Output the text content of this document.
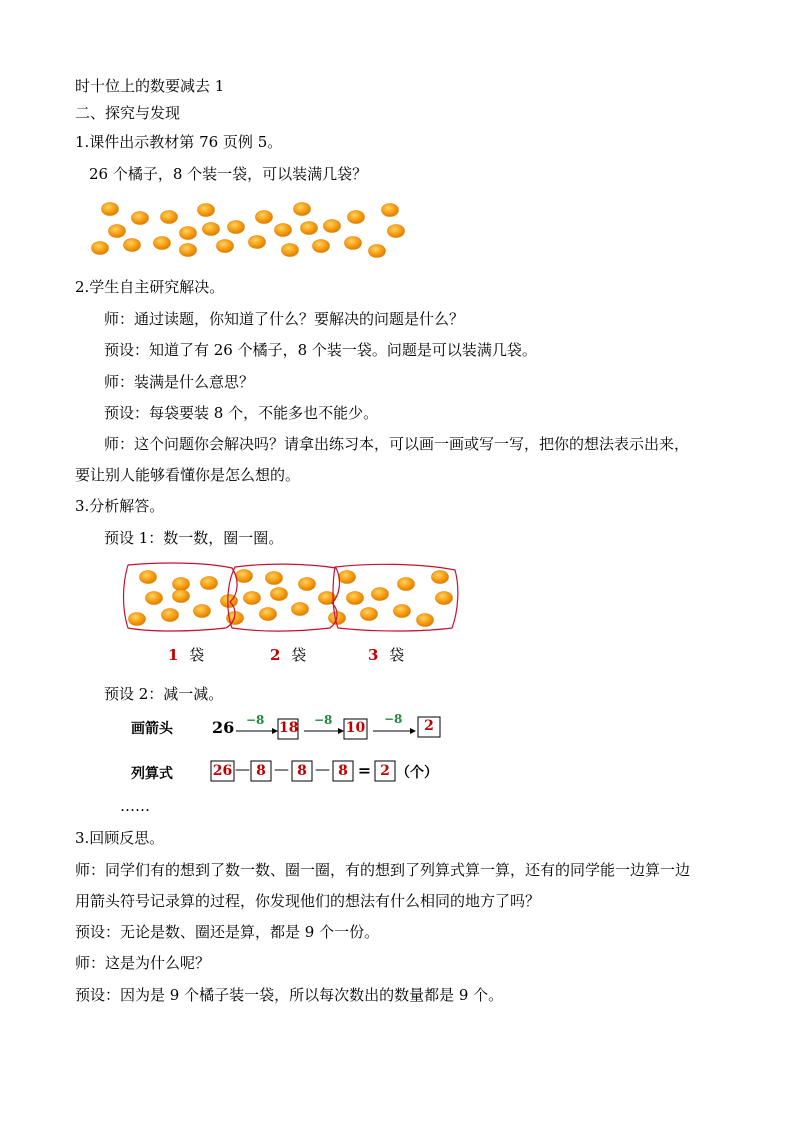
时十位上的数要减去 1
二、探究与发现
1.课件出示教材第 76 页例 5。
26 个橘子，8 个装一袋，可以装满几袋？
1 袋	2 袋	3 袋
2.学生自主研究解决。
师：通过读题，你知道了什么？要解决的问题是什么？
预设：知道了有 26 个橘子，8 个装一袋。问题是可以装满几袋。
师：装满是什么意思？
预设：每袋要装 8 个，不能多也不能少。
师：这个问题你会解决吗？请拿出练习本，可以画一画或写一写，把你的想法表示出来，
要让别人能够看懂你是怎么想的。
3.分析解答。
预设 1：数一数，圈一圈。
预设 2：减一减。
画箭头 26 −8	−8	−8
18	10	2
列算式	26 — 8 — 8 — 8 = 2 （个）
……
3.回顾反思。
师：同学们有的想到了数一数、圈一圈，有的想到了列算式算一算，还有的同学能一边算一边
用箭头符号记录算的过程，你发现他们的想法有什么相同的地方了吗？
预设：无论是数、圈还是算，都是 9 个一份。
师：这是为什么呢？
预设：因为是 9 个橘子装一袋，所以每次数出的数量都是 9 个。
